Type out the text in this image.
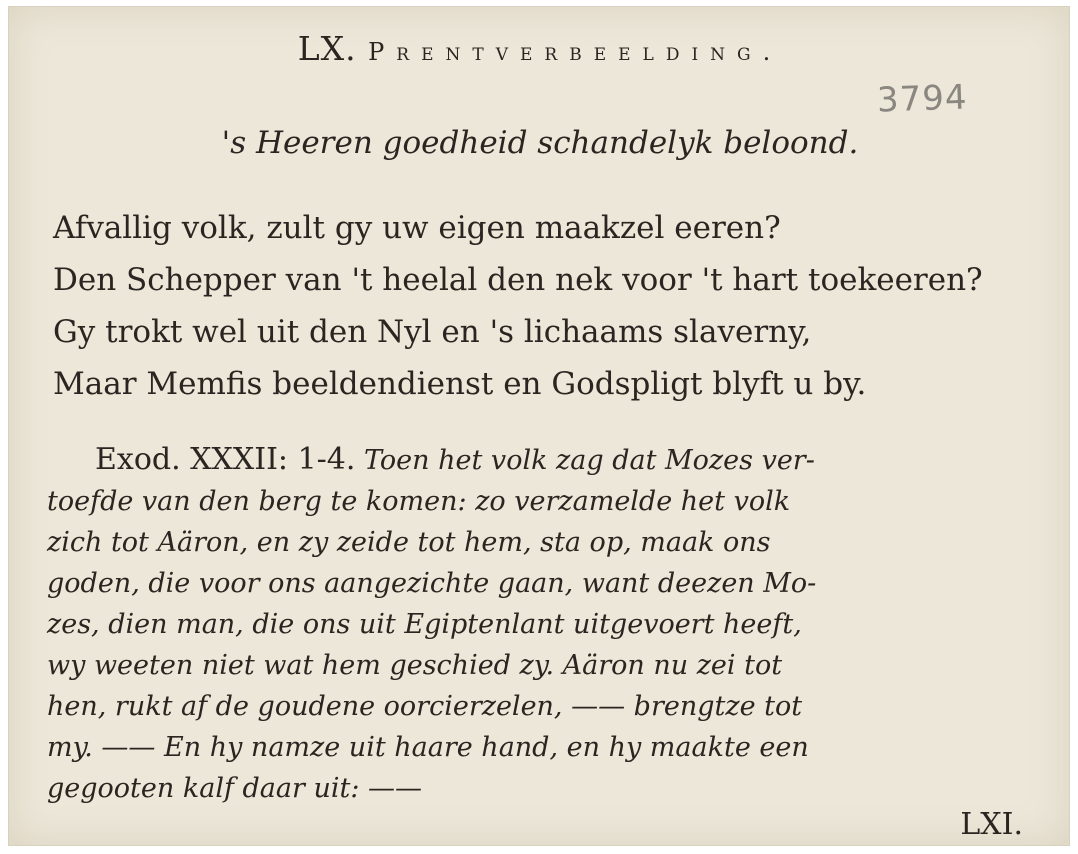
LX. Prentverbeelding.
3794
's Heeren goedheid schandelyk beloond.
Afvallig volk, zult gy uw eigen maakzel eeren?
Den Schepper van 't heelal den nek voor 't hart toekeeren?
Gy trokt wel uit den Nyl en 's lichaams slaverny,
Maar Memfis beeldendienst en Godspligt blyft u by.
Exod. XXXII: 1-4. Toen het volk zag dat Mozes ver-
toefde van den berg te komen: zo verzamelde het volk
zich tot Aäron, en zy zeide tot hem, sta op, maak ons
goden, die voor ons aangezichte gaan, want deezen Mo-
zes, dien man, die ons uit Egiptenlant uitgevoert heeft,
wy weeten niet wat hem geschied zy. Aäron nu zei tot
hen, rukt af de goudene oorcierzelen, —— brengtze tot
my. —— En hy namze uit haare hand, en hy maakte een
gegooten kalf daar uit: ——
LXI.
